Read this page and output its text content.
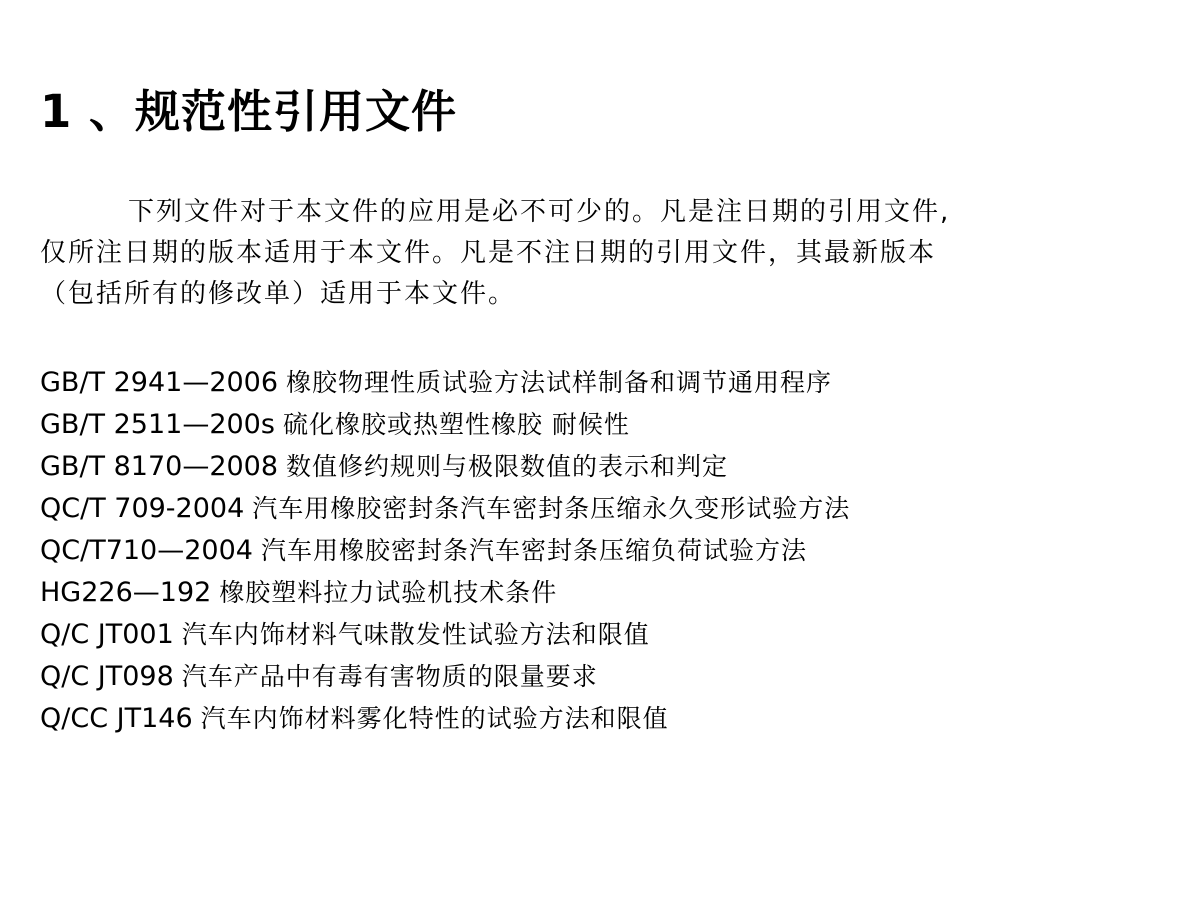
1 、规范性引用文件
下列文件对于本文件的应用是必不可少的。凡是注日期的引用文件,
仅所注日期的版本适用于本文件。凡是不注日期的引用文件，其最新版本
（包括所有的修改单）适用于本文件。
GB/T 2941—2006 橡胶物理性质试验方法试样制备和调节通用程序
GB/T 2511—200s 硫化橡胶或热塑性橡胶 耐候性
GB/T 8170—2008 数值修约规则与极限数值的表示和判定
QC/T 709-2004 汽车用橡胶密封条汽车密封条压缩永久变形试验方法
QC/T710—2004 汽车用橡胶密封条汽车密封条压缩负荷试验方法
HG226—192 橡胶塑料拉力试验机技术条件
Q/C JT001 汽车内饰材料气味散发性试验方法和限值
Q/C JT098 汽车产品中有毒有害物质的限量要求
Q/CC JT146 汽车内饰材料雾化特性的试验方法和限值
